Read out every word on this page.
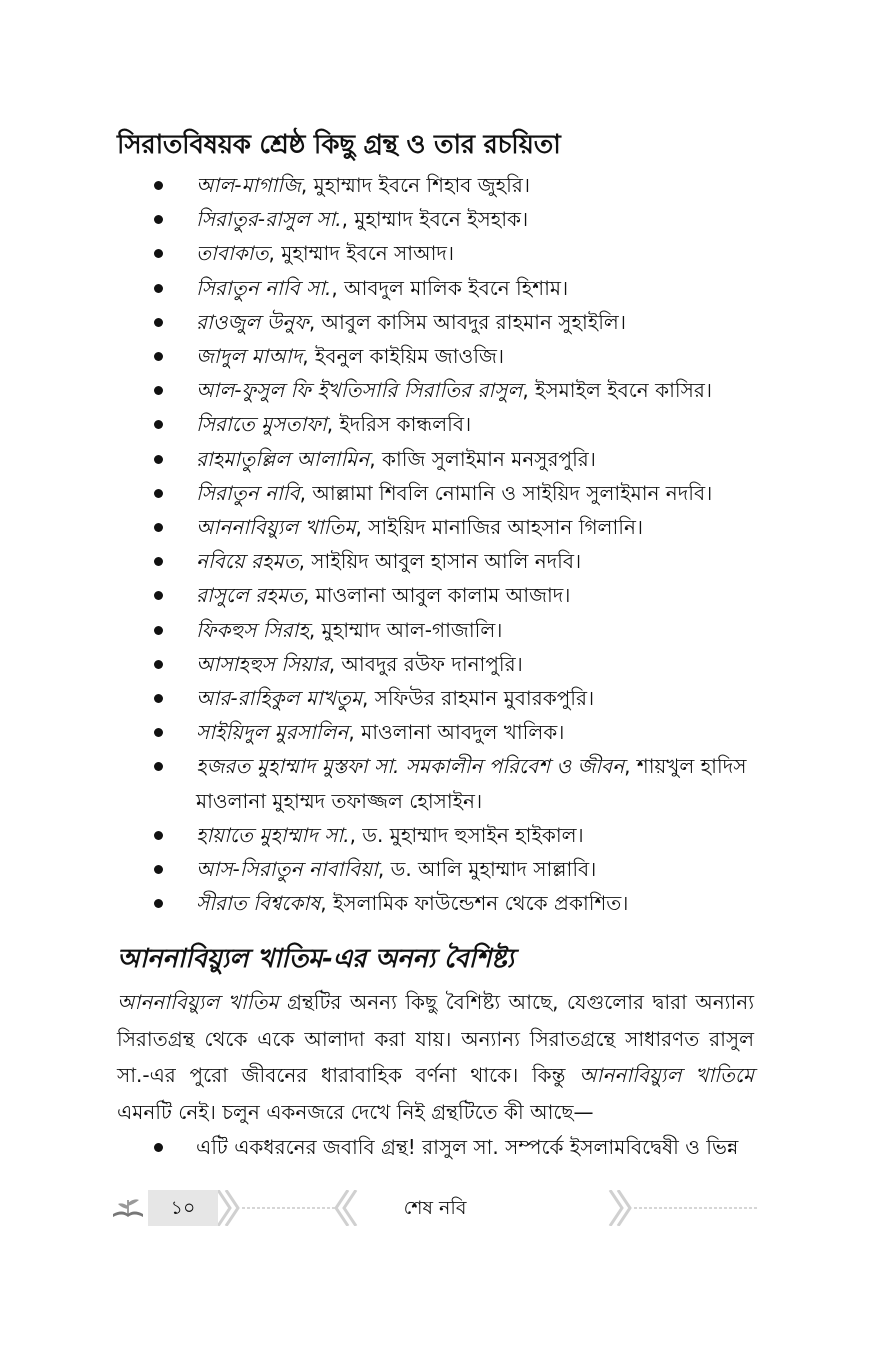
সিরাতবিষয়ক শ্রেষ্ঠ কিছু গ্রন্থ ও তার রচয়িতা
আল-মাগাজি, মুহাম্মাদ ইবনে শিহাব জুহরি।
সিরাতুর-রাসুল সা., মুহাম্মাদ ইবনে ইসহাক।
তাবাকাত, মুহাম্মাদ ইবনে সাআদ।
সিরাতুন নাবি সা., আবদুল মালিক ইবনে হিশাম।
রাওজুল উনুফ, আবুল কাসিম আবদুর রাহমান সুহাইলি।
জাদুল মাআদ, ইবনুল কাইয়িম জাওজি।
আল-ফুসুল ফি ইখতিসারি সিরাতির রাসুল, ইসমাইল ইবনে কাসির।
সিরাতে মুসতাফা, ইদরিস কান্ধলবি।
রাহমাতুল্লিল আলামিন, কাজি সুলাইমান মনসুরপুরি।
সিরাতুন নাবি, আল্লামা শিবলি নোমানি ও সাইয়িদ সুলাইমান নদবি।
আননাবিয়্যুল খাতিম, সাইয়িদ মানাজির আহসান গিলানি।
নবিয়ে রহমত, সাইয়িদ আবুল হাসান আলি নদবি।
রাসুলে রহমত, মাওলানা আবুল কালাম আজাদ।
ফিকহুস সিরাহ, মুহাম্মাদ আল-গাজালি।
আসাহহুস সিয়ার, আবদুর রউফ দানাপুরি।
আর-রাহিকুল মাখতুম, সফিউর রাহমান মুবারকপুরি।
সাইয়িদুল মুরসালিন, মাওলানা আবদুল খালিক।
হজরত মুহাম্মাদ মুস্তফা সা. সমকালীন পরিবেশ ও জীবন, শায়খুল হাদিস মাওলানা মুহাম্মদ তফাজ্জল হোসাইন।
হায়াতে মুহাম্মাদ সা., ড. মুহাম্মাদ হুসাইন হাইকাল।
আস-সিরাতুন নাবাবিয়া, ড. আলি মুহাম্মাদ সাল্লাবি।
সীরাত বিশ্বকোষ, ইসলামিক ফাউন্ডেশন থেকে প্রকাশিত।
আননাবিয়্যুল খাতিম-এর অনন্য বৈশিষ্ট্য

আননাবিয়্যুল খাতিম গ্রন্থটির অনন্য কিছু বৈশিষ্ট্য আছে, যেগুলোর দ্বারা অন্যান্য সিরাতগ্রন্থ থেকে একে আলাদা করা যায়। অন্যান্য সিরাতগ্রন্থে সাধারণত রাসুল সা.-এর পুরো জীবনের ধারাবাহিক বর্ণনা থাকে। কিন্তু আননাবিয়্যুল খাতিমে এমনটি নেই। চলুন একনজরে দেখে নিই গ্রন্থটিতে কী আছে—

এটি একধরনের জবাবি গ্রন্থ! রাসুল সা. সম্পর্কে ইসলামবিদ্বেষী ও ভিন্ন
১০	শেষ নবি
